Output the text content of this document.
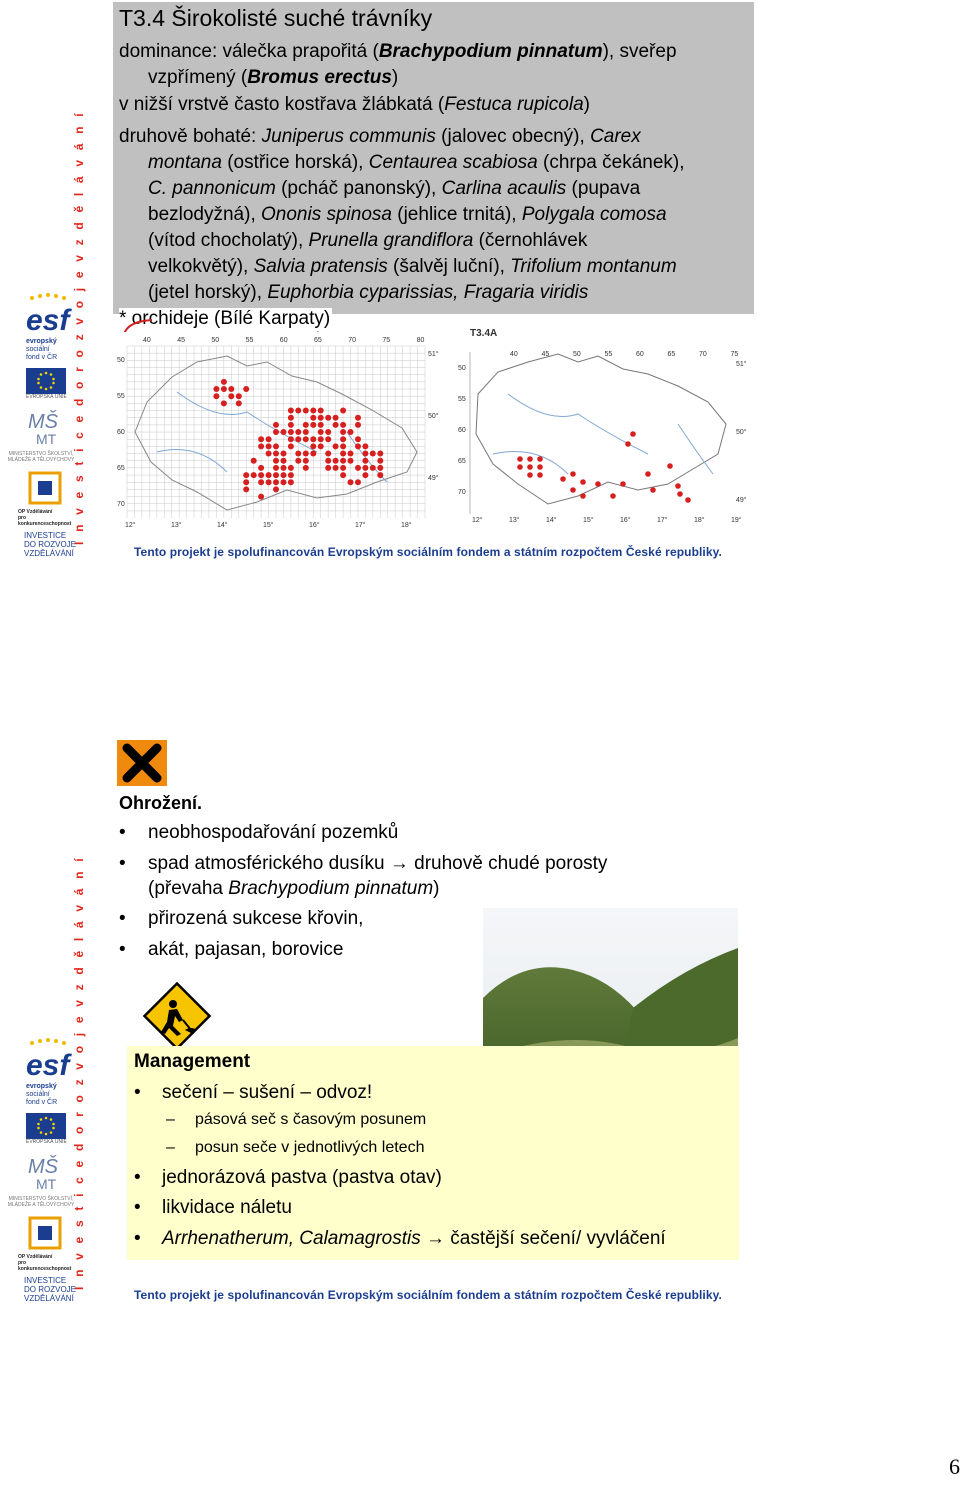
I n v e s t i c e d o r o z v o j e v z d ě l á v á n í
esf
evropský
sociální
fond v ČR
EVROPSKÁ UNIE
MŠ
MT
MINISTERSTVO ŠKOLSTVÍ, MLÁDEŽE A TĚLOVÝCHOVY
OP Vzdělávání
pro konkurenceschopnost
INVESTICE
DO ROZVOJE
VZDĚLÁVÁNÍ
T3.4 Širokolisté suché trávníky
dominance: válečka prapořitá (Brachypodium pinnatum), sveřep
vzpřímený (Bromus erectus)
v nižší vrstvě často kostřava žlábkatá (Festuca rupicola)
druhově bohaté: Juniperus communis (jalovec obecný), Carex
montana (ostřice horská), Centaurea scabiosa (chrpa čekánek),
C. pannonicum (pcháč panonský), Carlina acaulis (pupava
bezlodyžná), Ononis spinosa (jehlice trnitá), Polygala comosa
(vítod chocholatý), Prunella grandiflora (černohlávek
velkokvětý), Salvia pratensis (šalvěj luční), Trifolium montanum
(jetel horský), Euphorbia cyparissias, Fragaria viridis
* orchideje (Bílé Karpaty)
40	45	50	55	60	65	70	75	80
50
55
60
65
70
51°
50°
49°
12°	13°	14°	15°	16°	17°	18°
T3.4A
40	45	50	55	60	65	70	75
50
55
60
65
70
51°
50°
49°
12°	13°	14°	15°	16°	17°	18°	19°
Tento projekt je spolufinancován Evropským sociálním fondem a státním rozpočtem České republiky.
Ohrožení.
• neobhospodařování pozemků
• spad atmosférického dusíku → druhově chudé porosty
(převaha Brachypodium pinnatum)
• přirozená sukcese křovin,
• akát, pajasan, borovice
I n v e s t i c e d o r o z v o j e v z d ě l á v á n í
esf
evropský
sociální
fond v ČR
EVROPSKÁ UNIE
MŠ
MT
MINISTERSTVO ŠKOLSTVÍ, MLÁDEŽE A TĚLOVÝCHOVY
OP Vzdělávání
pro konkurenceschopnost
INVESTICE
DO ROZVOJE
VZDĚLÁVÁNÍ
Management
• sečení – sušení – odvoz!
– pásová seč s časovým posunem
– posun seče v jednotlivých letech
• jednorázová pastva (pastva otav)
• likvidace náletu
• Arrhenatherum, Calamagrostis → častější sečení/ vyvláčení
Tento projekt je spolufinancován Evropským sociálním fondem a státním rozpočtem České republiky.
6
